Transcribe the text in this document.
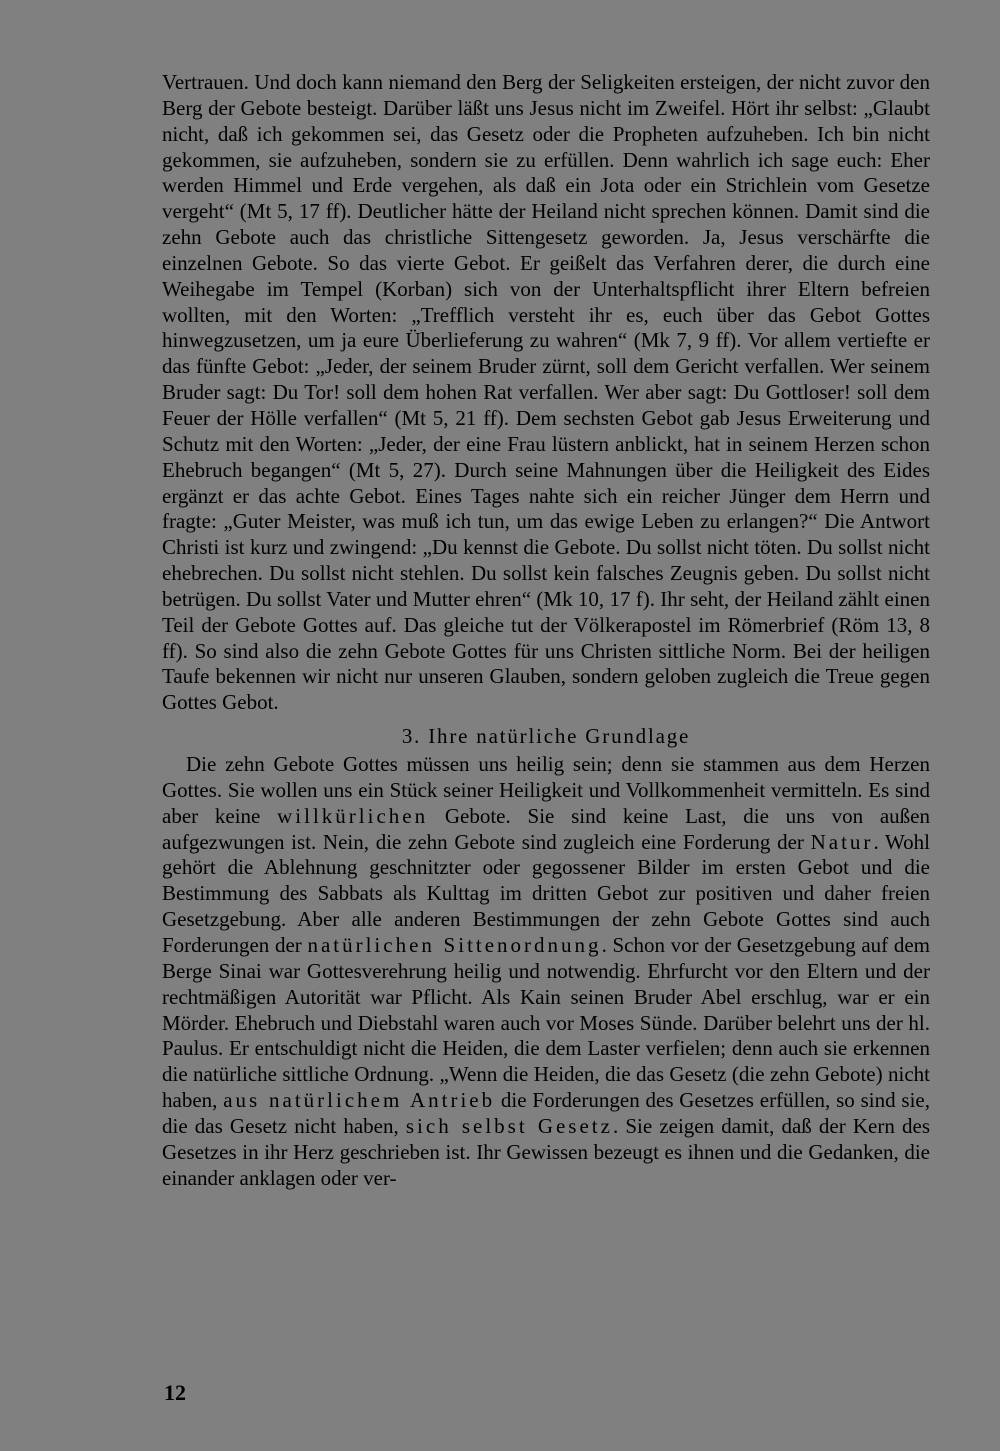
Vertrauen. Und doch kann niemand den Berg der Seligkeiten ersteigen, der nicht zuvor den Berg der Gebote besteigt. Darüber läßt uns Jesus nicht im Zweifel. Hört ihr selbst: „Glaubt nicht, daß ich gekommen sei, das Gesetz oder die Propheten aufzuheben. Ich bin nicht gekommen, sie aufzuheben, sondern sie zu erfüllen. Denn wahrlich ich sage euch: Eher werden Himmel und Erde vergehen, als daß ein Jota oder ein Strichlein vom Gesetze vergeht“ (Mt 5, 17 ff). Deutlicher hätte der Heiland nicht sprechen können. Damit sind die zehn Gebote auch das christliche Sittengesetz geworden. Ja, Jesus verschärfte die einzelnen Gebote. So das vierte Gebot. Er geißelt das Verfahren derer, die durch eine Weihegabe im Tempel (Korban) sich von der Unterhaltspflicht ihrer Eltern befreien wollten, mit den Worten: „Trefflich versteht ihr es, euch über das Gebot Gottes hinwegzusetzen, um ja eure Überlieferung zu wahren“ (Mk 7, 9 ff). Vor allem vertiefte er das fünfte Gebot: „Jeder, der seinem Bruder zürnt, soll dem Gericht verfallen. Wer seinem Bruder sagt: Du Tor! soll dem hohen Rat verfallen. Wer aber sagt: Du Gottloser! soll dem Feuer der Hölle verfallen“ (Mt 5, 21 ff). Dem sechsten Gebot gab Jesus Erweiterung und Schutz mit den Worten: „Jeder, der eine Frau lüstern anblickt, hat in seinem Herzen schon Ehebruch begangen“ (Mt 5, 27). Durch seine Mahnungen über die Heiligkeit des Eides ergänzt er das achte Gebot. Eines Tages nahte sich ein reicher Jünger dem Herrn und fragte: „Guter Meister, was muß ich tun, um das ewige Leben zu erlangen?“ Die Antwort Christi ist kurz und zwingend: „Du kennst die Gebote. Du sollst nicht töten. Du sollst nicht ehebrechen. Du sollst nicht stehlen. Du sollst kein falsches Zeugnis geben. Du sollst nicht betrügen. Du sollst Vater und Mutter ehren“ (Mk 10, 17 f). Ihr seht, der Heiland zählt einen Teil der Gebote Gottes auf. Das gleiche tut der Völkerapostel im Römerbrief (Röm 13, 8 ff). So sind also die zehn Gebote Gottes für uns Christen sittliche Norm. Bei der heiligen Taufe bekennen wir nicht nur unseren Glauben, sondern geloben zugleich die Treue gegen Gottes Gebot.

3. Ihre natürliche Grundlage

Die zehn Gebote Gottes müssen uns heilig sein; denn sie stammen aus dem Herzen Gottes. Sie wollen uns ein Stück seiner Heiligkeit und Vollkommenheit vermitteln. Es sind aber keine willkürlichen Gebote. Sie sind keine Last, die uns von außen aufgezwungen ist. Nein, die zehn Gebote sind zugleich eine Forderung der Natur. Wohl gehört die Ablehnung geschnitzter oder gegossener Bilder im ersten Gebot und die Bestimmung des Sabbats als Kulttag im dritten Gebot zur positiven und daher freien Gesetzgebung. Aber alle anderen Bestimmungen der zehn Gebote Gottes sind auch Forderungen der natürlichen Sittenordnung. Schon vor der Gesetzgebung auf dem Berge Sinai war Gottesverehrung heilig und notwendig. Ehrfurcht vor den Eltern und der rechtmäßigen Autorität war Pflicht. Als Kain seinen Bruder Abel erschlug, war er ein Mörder. Ehebruch und Diebstahl waren auch vor Moses Sünde. Darüber belehrt uns der hl. Paulus. Er entschuldigt nicht die Heiden, die dem Laster verfielen; denn auch sie erkennen die natürliche sittliche Ordnung. „Wenn die Heiden, die das Gesetz (die zehn Gebote) nicht haben, aus natürlichem Antrieb die Forderungen des Gesetzes erfüllen, so sind sie, die das Gesetz nicht haben, sich selbst Gesetz. Sie zeigen damit, daß der Kern des Gesetzes in ihr Herz geschrieben ist. Ihr Gewissen bezeugt es ihnen und die Gedanken, die einander anklagen oder ver-

12
